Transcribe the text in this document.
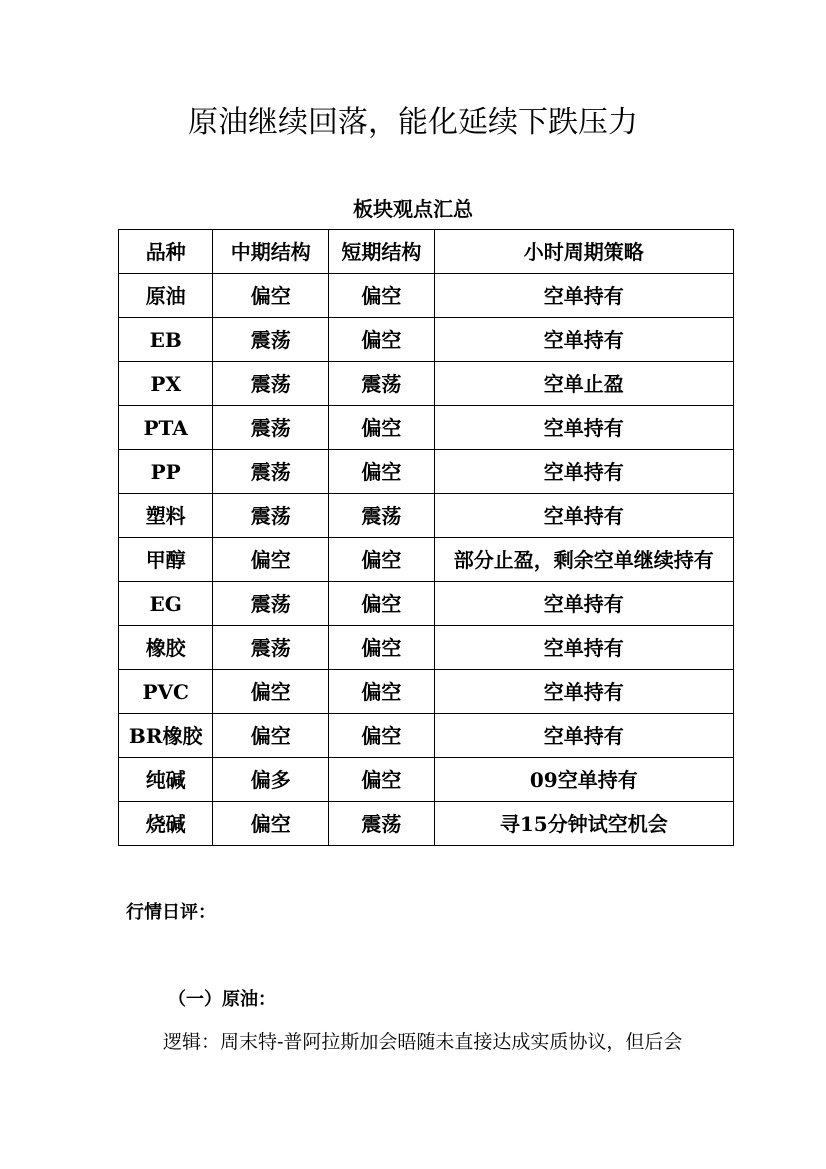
原油继续回落，能化延续下跌压力
板块观点汇总
品种	中期结构	短期结构	小时周期策略
原油	偏空	偏空	空单持有
EB	震荡	偏空	空单持有
PX	震荡	震荡	空单止盈
PTA	震荡	偏空	空单持有
PP	震荡	偏空	空单持有
塑料	震荡	震荡	空单持有
甲醇	偏空	偏空	部分止盈，剩余空单继续持有
EG	震荡	偏空	空单持有
橡胶	震荡	偏空	空单持有
PVC	偏空	偏空	空单持有
BR橡胶	偏空	偏空	空单持有
纯碱	偏多	偏空	09空单持有
烧碱	偏空	震荡	寻15分钟试空机会
行情日评：
（一）原油：

逻辑：周末特-普阿拉斯加会晤随未直接达成实质协议，但后会
